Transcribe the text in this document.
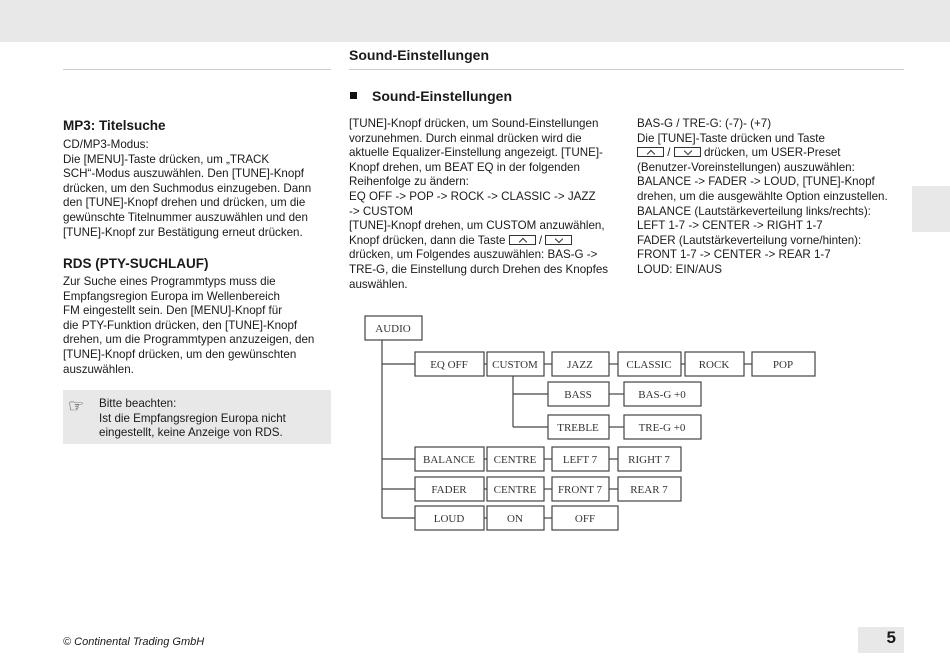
Sound-Einstellungen
MP3: Titelsuche

CD/MP3-Modus:

Die [MENU]-Taste drücken, um „TRACK

SCH“-Modus auszuwählen. Den [TUNE]-Knopf

drücken, um den Suchmodus einzugeben. Dann

den [TUNE]-Knopf drehen und drücken, um die

gewünschte Titelnummer auszuwählen und den

[TUNE]-Knopf zur Bestätigung erneut drücken.

RDS (PTY-SUCHLAUF)

Zur Suche eines Programmtyps muss die

Empfangsregion Europa im Wellenbereich

FM eingestellt sein. Den [MENU]-Knopf für

die PTY-Funktion drücken, den [TUNE]-Knopf

drehen, um die Programmtypen anzuzeigen, den

[TUNE]-Knopf drücken, um den gewünschten

auszuwählen.

☞ Bitte beachten:
Ist die Empfangsregion Europa nicht
eingestellt, keine Anzeige von RDS.
Sound-Einstellungen

[TUNE]-Knopf drücken, um Sound-Einstellungen

vorzunehmen. Durch einmal drücken wird die

aktuelle Equalizer-Einstellung angezeigt. [TUNE]-

Knopf drehen, um BEAT EQ in der folgenden

Reihenfolge zu ändern:

EQ OFF -> POP -> ROCK -> CLASSIC -> JAZZ

-> CUSTOM

[TUNE]-Knopf drehen, um CUSTOM anzuwählen,

Knopf drücken, dann die Taste	/

drücken, um Folgendes auszuwählen: BAS-G ->

TRE-G, die Einstellung durch Drehen des Knopfes

auswählen.

BAS-G / TRE-G: (-7)- (+7)

Die [TUNE]-Taste drücken und Taste

/	drücken, um USER-Preset

(Benutzer-Voreinstellungen) auszuwählen:

BALANCE -> FADER -> LOUD, [TUNE]-Knopf

drehen, um die ausgewählte Option einzustellen.

BALANCE (Lautstärkeverteilung links/rechts):

LEFT 1-7 -> CENTER -> RIGHT 1-7

FADER (Lautstärkeverteilung vorne/hinten):

FRONT 1-7 -> CENTER -> REAR 1-7

LOUD: EIN/AUS

AUDIO
EQ OFF CUSTOM	JAZZ	CLASSIC ROCK	POP
BASS	BAS-G +0
TREBLE	TRE-G +0
BALANCE CENTRE LEFT 7	RIGHT 7
FADER CENTRE FRONT 7	REAR 7
LOUD	ON	OFF
© Continental Trading GmbH	5
